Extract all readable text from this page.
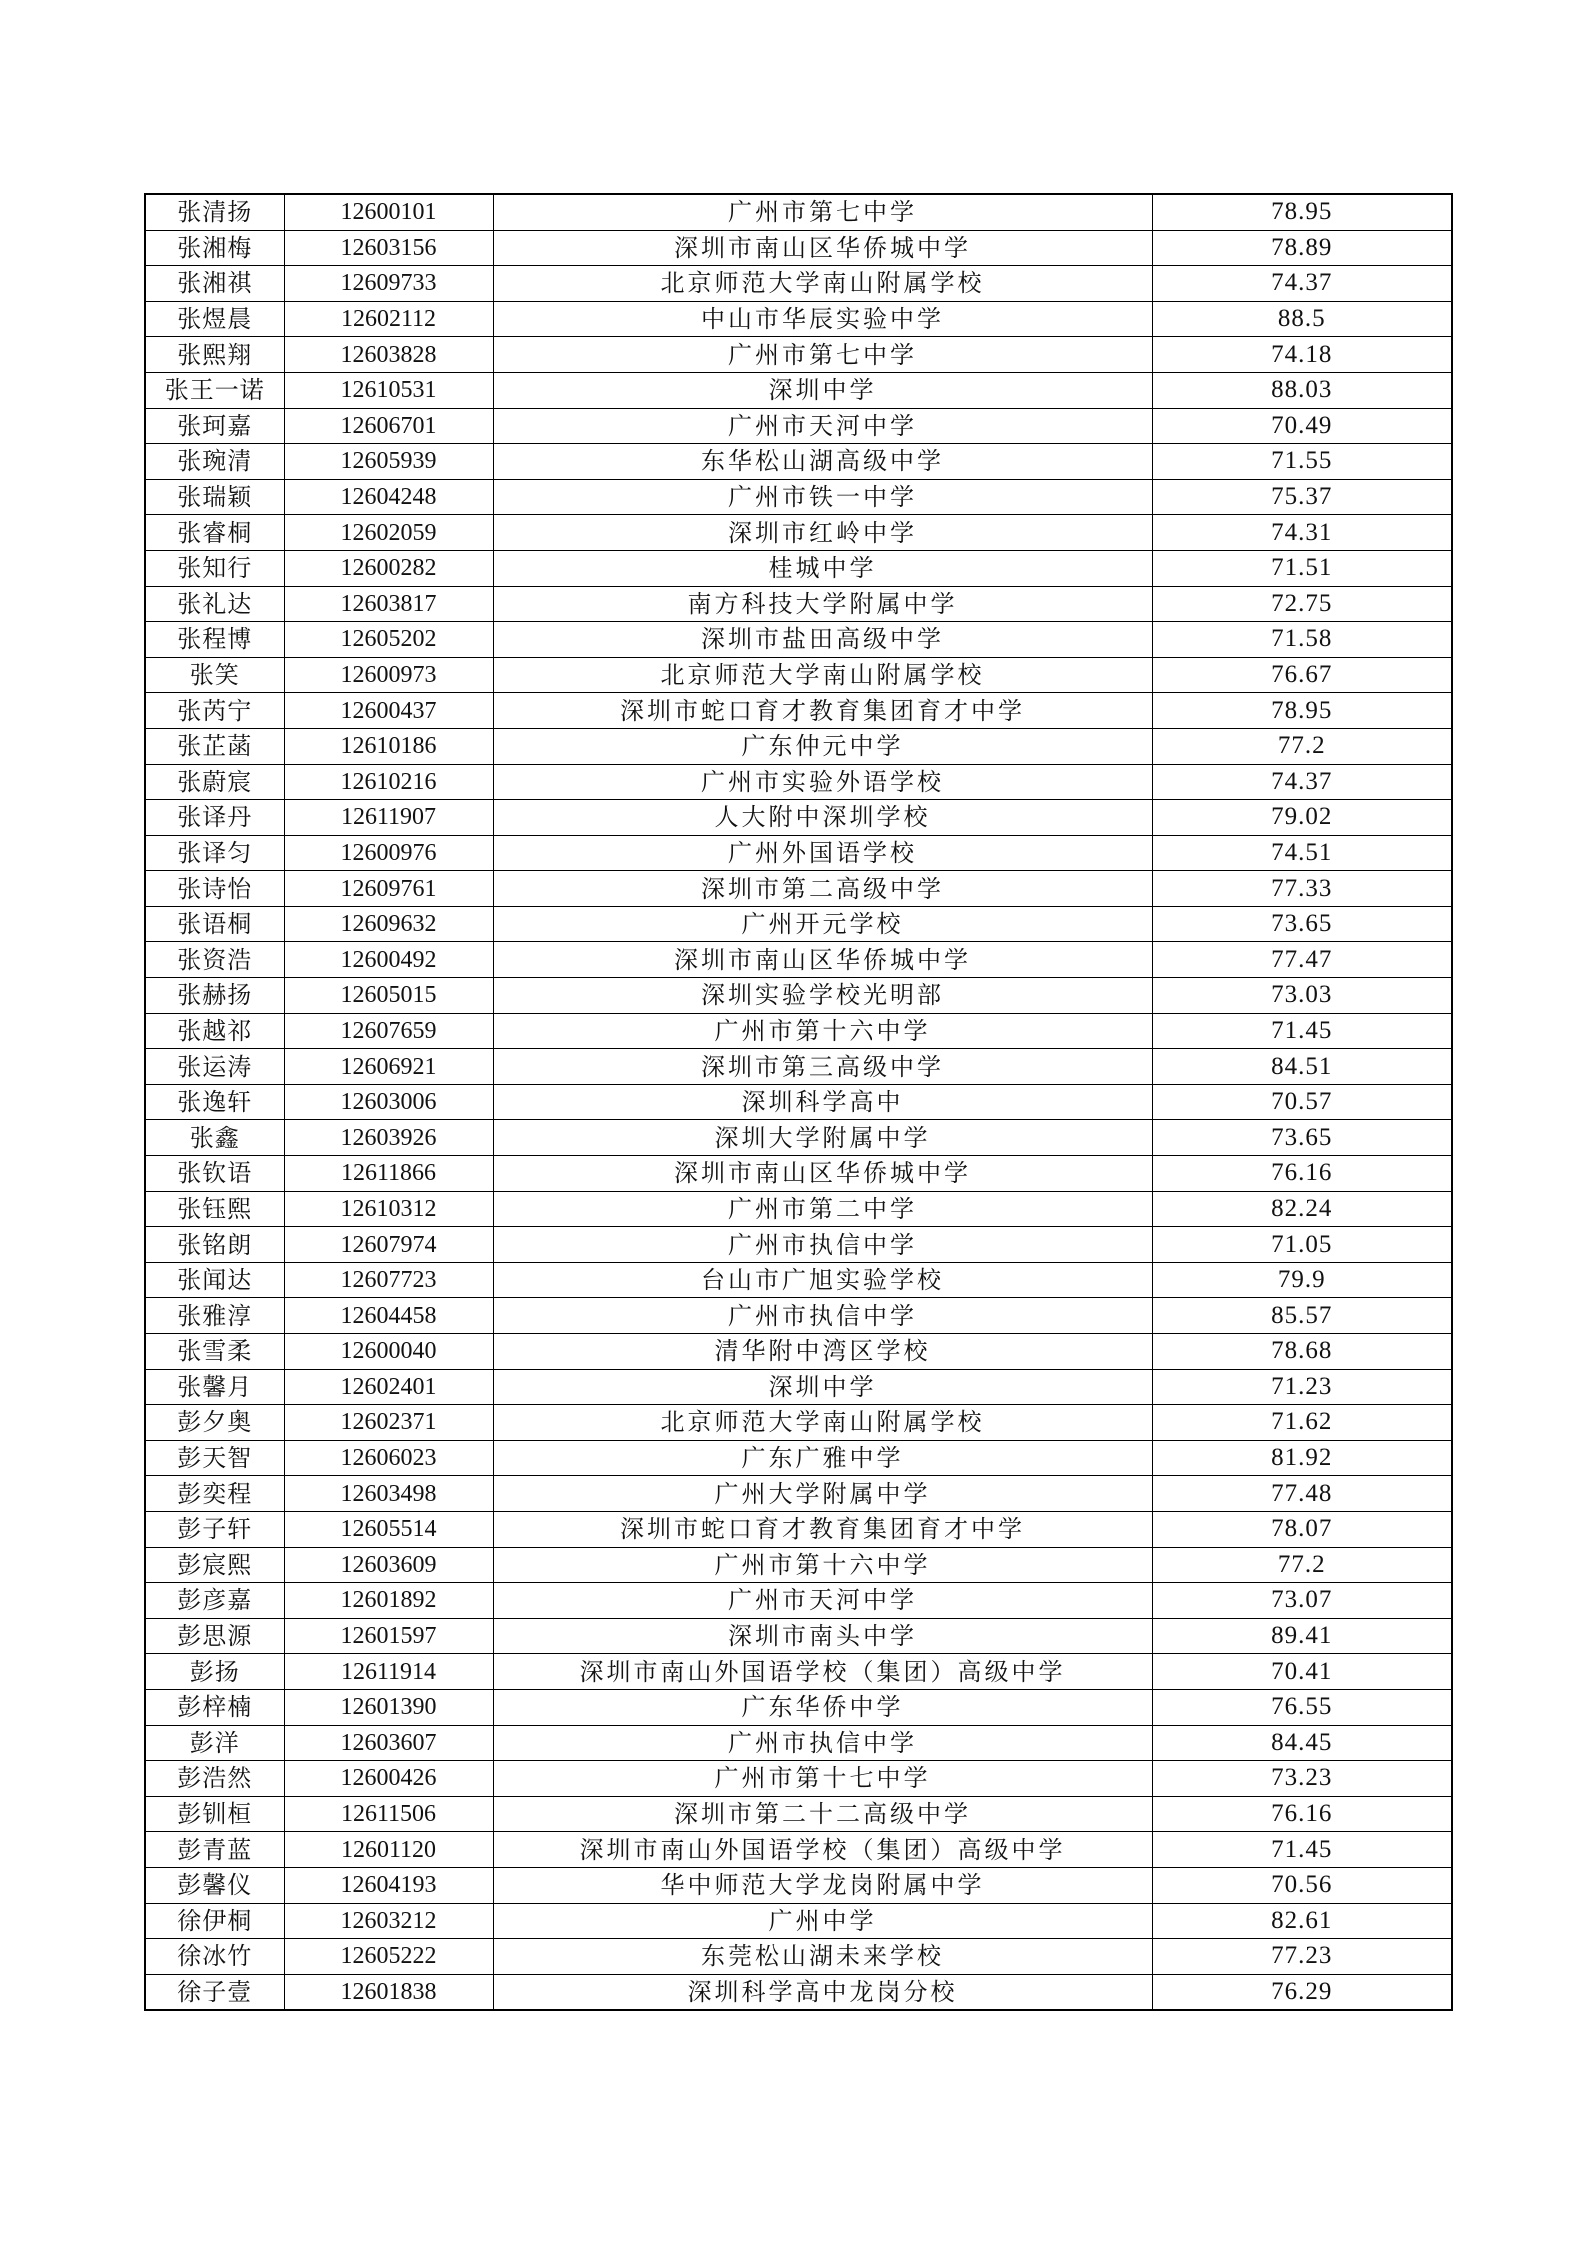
张清扬	12600101	广州市第七中学	78.95
张湘梅	12603156	深圳市南山区华侨城中学	78.89
张湘祺	12609733	北京师范大学南山附属学校	74.37
张煜晨	12602112	中山市华辰实验中学	88.5
张熙翔	12603828	广州市第七中学	74.18
张王一诺	12610531	深圳中学	88.03
张珂嘉	12606701	广州市天河中学	70.49
张琬清	12605939	东华松山湖高级中学	71.55
张瑞颖	12604248	广州市铁一中学	75.37
张睿桐	12602059	深圳市红岭中学	74.31
张知行	12600282	桂城中学	71.51
张礼达	12603817	南方科技大学附属中学	72.75
张程博	12605202	深圳市盐田高级中学	71.58
张笑	12600973	北京师范大学南山附属学校	76.67
张芮宁	12600437	深圳市蛇口育才教育集团育才中学	78.95
张芷菡	12610186	广东仲元中学	77.2
张蔚宸	12610216	广州市实验外语学校	74.37
张译丹	12611907	人大附中深圳学校	79.02
张译匀	12600976	广州外国语学校	74.51
张诗怡	12609761	深圳市第二高级中学	77.33
张语桐	12609632	广州开元学校	73.65
张资浩	12600492	深圳市南山区华侨城中学	77.47
张赫扬	12605015	深圳实验学校光明部	73.03
张越祁	12607659	广州市第十六中学	71.45
张运涛	12606921	深圳市第三高级中学	84.51
张逸轩	12603006	深圳科学高中	70.57
张鑫	12603926	深圳大学附属中学	73.65
张钦语	12611866	深圳市南山区华侨城中学	76.16
张钰熙	12610312	广州市第二中学	82.24
张铭朗	12607974	广州市执信中学	71.05
张闻达	12607723	台山市广旭实验学校	79.9
张雅淳	12604458	广州市执信中学	85.57
张雪柔	12600040	清华附中湾区学校	78.68
张馨月	12602401	深圳中学	71.23
彭夕奥	12602371	北京师范大学南山附属学校	71.62
彭天智	12606023	广东广雅中学	81.92
彭奕程	12603498	广州大学附属中学	77.48
彭子轩	12605514	深圳市蛇口育才教育集团育才中学	78.07
彭宸熙	12603609	广州市第十六中学	77.2
彭彦嘉	12601892	广州市天河中学	73.07
彭思源	12601597	深圳市南头中学	89.41
彭扬	12611914	深圳市南山外国语学校（集团）高级中学	70.41
彭梓楠	12601390	广东华侨中学	76.55
彭洋	12603607	广州市执信中学	84.45
彭浩然	12600426	广州市第十七中学	73.23
彭钏桓	12611506	深圳市第二十二高级中学	76.16
彭青蓝	12601120	深圳市南山外国语学校（集团）高级中学	71.45
彭馨仪	12604193	华中师范大学龙岗附属中学	70.56
徐伊桐	12603212	广州中学	82.61
徐冰竹	12605222	东莞松山湖未来学校	77.23
徐子壹	12601838	深圳科学高中龙岗分校	76.29
